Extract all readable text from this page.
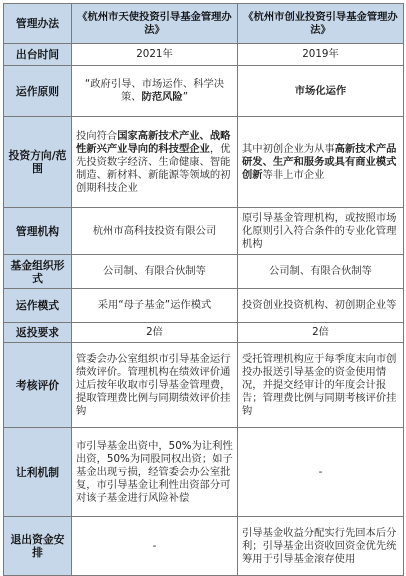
管理办法	《杭州市天使投资引导基金管理办法》	《杭州市创业投资引导基金管理办法》
出台时间	2021年	2019年
运作原则	“政府引导、市场运作、科学决策、防范风险”	市场化运作
投资方向/范围	投向符合国家高新技术产业、战略性新兴产业导向的科技型企业，优先投资数字经济、生命健康、智能制造、新材料、新能源等领域的初创期科技企业	其中初创企业为从事高新技术产品研发、生产和服务或具有商业模式创新等非上市企业
管理机构	杭州市高科技投资有限公司	原引导基金管理机构，或按照市场化原则引入符合条件的专业化管理机构
基金组织形式	公司制、有限合伙制等	公司制、有限合伙制等
运作模式	采用“母子基金”运作模式	投资创业投资机构、初创期企业等
返投要求	2倍	2倍
考核评价	管委会办公室组织市引导基金运行绩效评价。管理机构在绩效评价通过后按年收取市引导基金管理费，提取管理费比例与同期绩效评价挂钩	受托管理机构应于每季度末向市创投办报送引导基金的资金使用情况，并提交经审计的年度会计报告；管理费比例与同期考核评价挂钩
让利机制	市引导基金出资中，50%为让利性出资，50%为同股同权出资；如子基金出现亏损，经管委会办公室批复，市引导基金让利性出资部分可对该子基金进行风险补偿	-
退出资金安排	-	引导基金收益分配实行先回本后分利；引导基金出资收回资金优先统筹用于引导基金滚存使用
